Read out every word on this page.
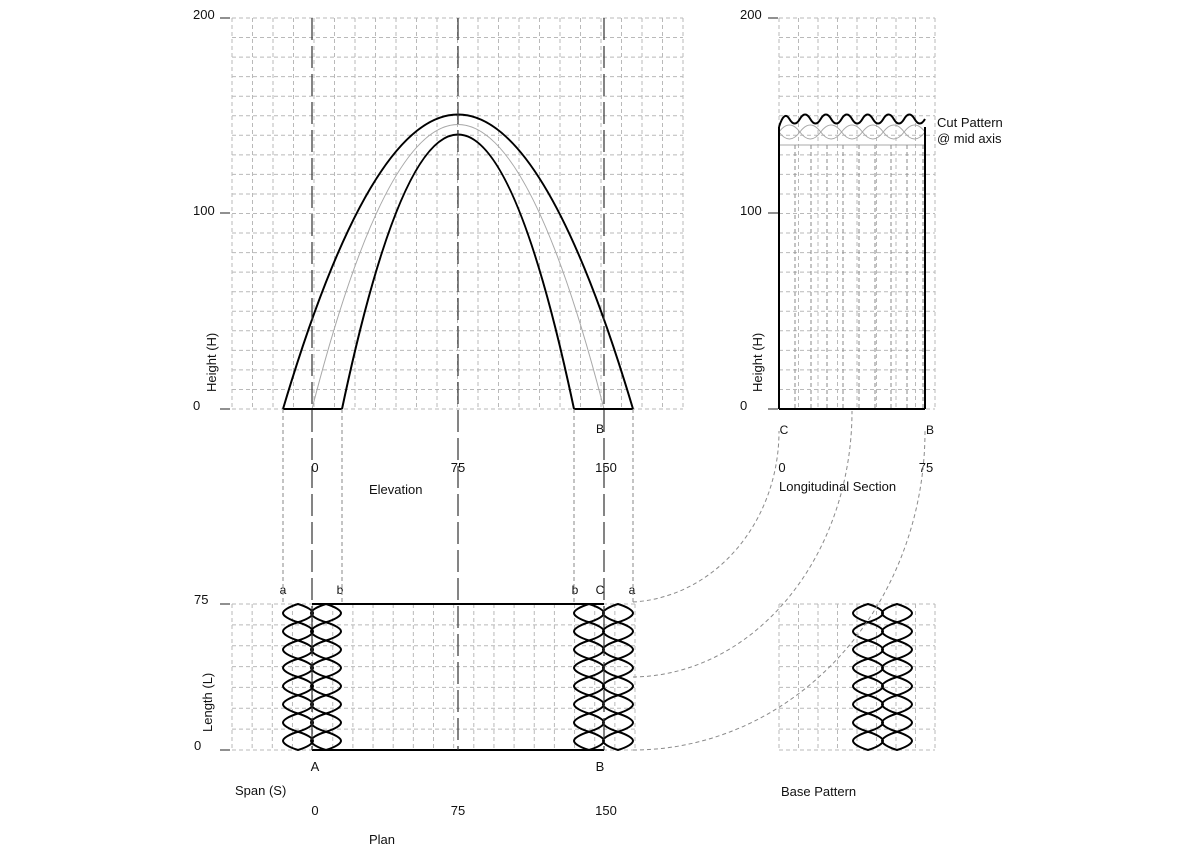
200
100
0
Height (H)
B
0	75	150
Elevation
200
100
0
Height (H)
Cut Pattern
@ mid axis
C	B
0	75
Longitudinal Section
75
0
Length (L)
a	b	b C a
A	B
Span (S)
0	75	150
Plan
Base Pattern
